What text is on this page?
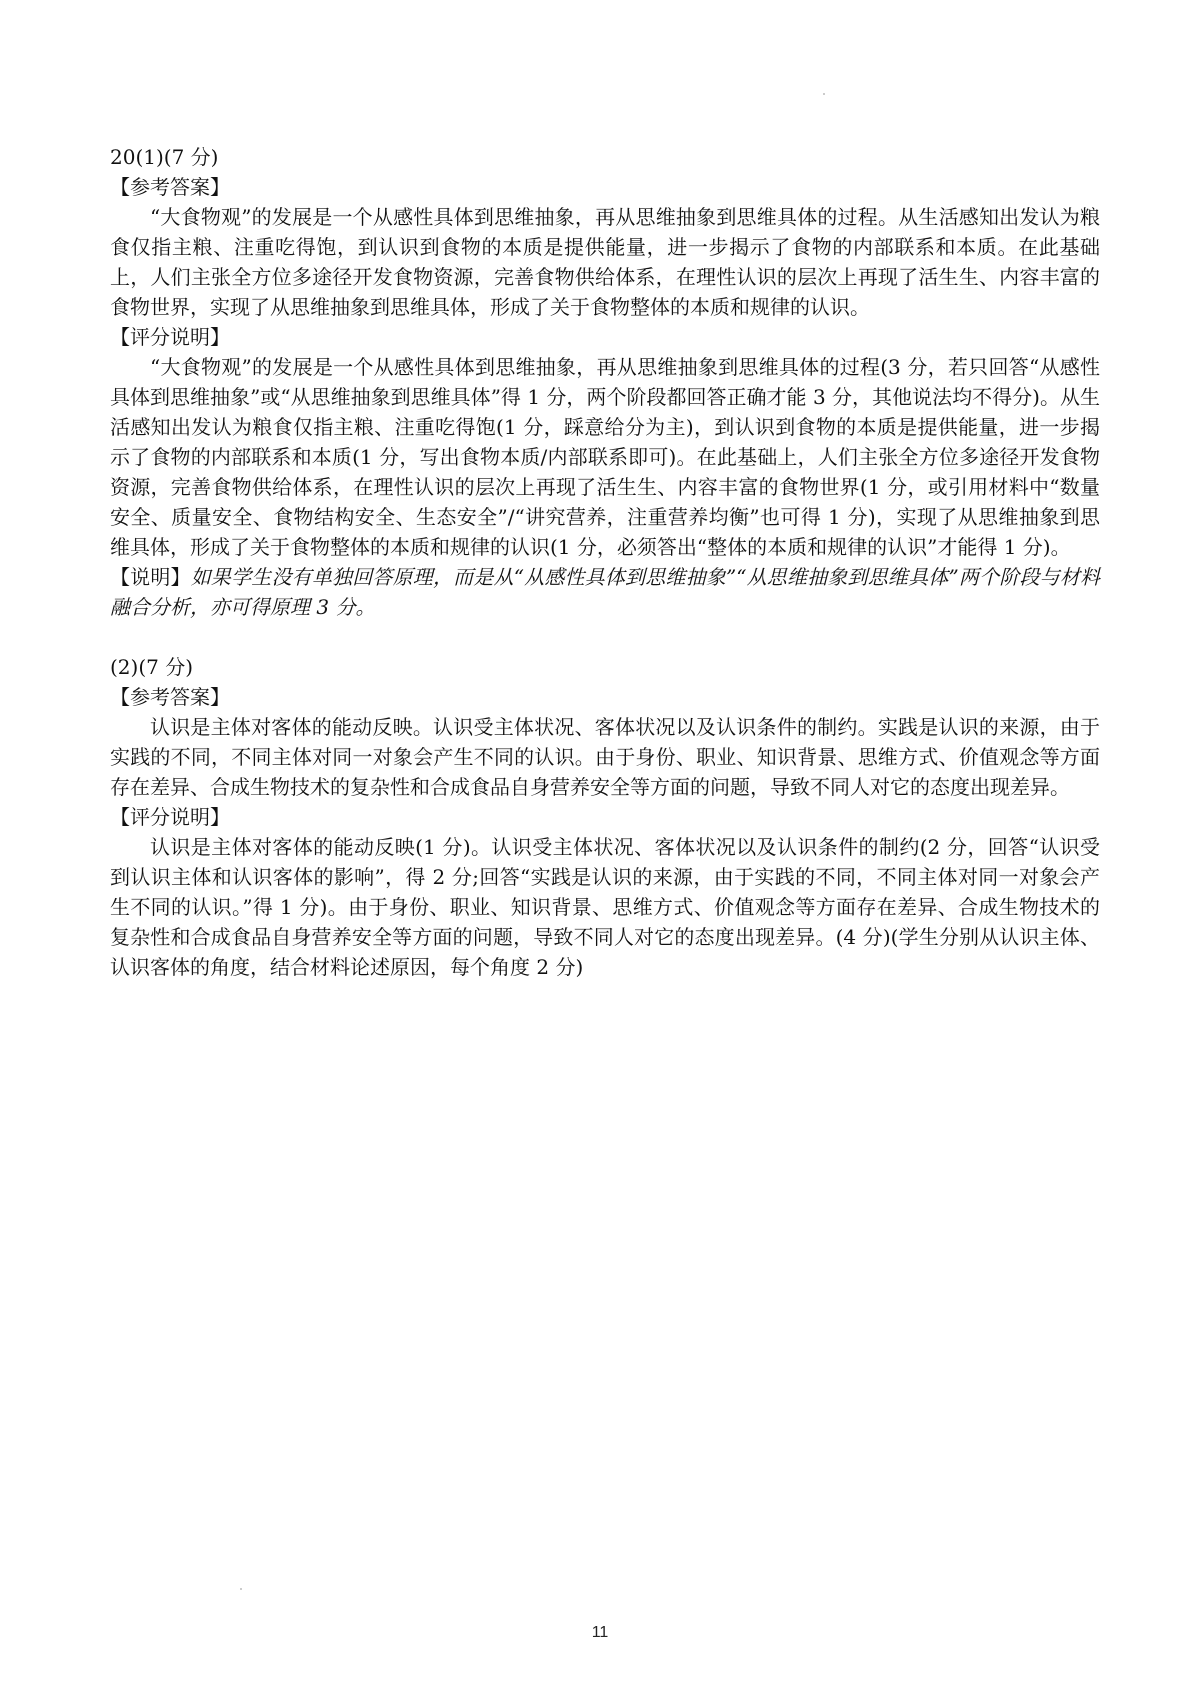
20(1)(7 分)

【参考答案】

“大食物观”的发展是一个从感性具体到思维抽象，再从思维抽象到思维具体的过程。从生活感知出发认为粮食仅指主粮、注重吃得饱，到认识到食物的本质是提供能量，进一步揭示了食物的内部联系和本质。在此基础上，人们主张全方位多途径开发食物资源，完善食物供给体系，在理性认识的层次上再现了活生生、内容丰富的食物世界，实现了从思维抽象到思维具体，形成了关于食物整体的本质和规律的认识。

【评分说明】

“大食物观”的发展是一个从感性具体到思维抽象，再从思维抽象到思维具体的过程(3 分，若只回答“从感性具体到思维抽象”或“从思维抽象到思维具体”得 1 分，两个阶段都回答正确才能 3 分，其他说法均不得分)。从生活感知出发认为粮食仅指主粮、注重吃得饱(1 分，踩意给分为主)，到认识到食物的本质是提供能量，进一步揭示了食物的内部联系和本质(1 分，写出食物本质/内部联系即可)。在此基础上，人们主张全方位多途径开发食物资源，完善食物供给体系，在理性认识的层次上再现了活生生、内容丰富的食物世界(1 分，或引用材料中“数量安全、质量安全、食物结构安全、生态安全”/“讲究营养，注重营养均衡”也可得 1 分)，实现了从思维抽象到思维具体，形成了关于食物整体的本质和规律的认识(1 分，必须答出“整体的本质和规律的认识”才能得 1 分)。

【说明】如果学生没有单独回答原理，而是从“从感性具体到思维抽象”“从思维抽象到思维具体”两个阶段与材料融合分析，亦可得原理 3 分。

(2)(7 分)

【参考答案】

认识是主体对客体的能动反映。认识受主体状况、客体状况以及认识条件的制约。实践是认识的来源，由于实践的不同，不同主体对同一对象会产生不同的认识。由于身份、职业、知识背景、思维方式、价值观念等方面存在差异、合成生物技术的复杂性和合成食品自身营养安全等方面的问题，导致不同人对它的态度出现差异。

【评分说明】

认识是主体对客体的能动反映(1 分)。认识受主体状况、客体状况以及认识条件的制约(2 分，回答“认识受到认识主体和认识客体的影响”，得 2 分;回答“实践是认识的来源，由于实践的不同，不同主体对同一对象会产生不同的认识。”得 1 分)。由于身份、职业、知识背景、思维方式、价值观念等方面存在差异、合成生物技术的复杂性和合成食品自身营养安全等方面的问题，导致不同人对它的态度出现差异。(4 分)(学生分别从认识主体、认识客体的角度，结合材料论述原因，每个角度 2 分)

11
